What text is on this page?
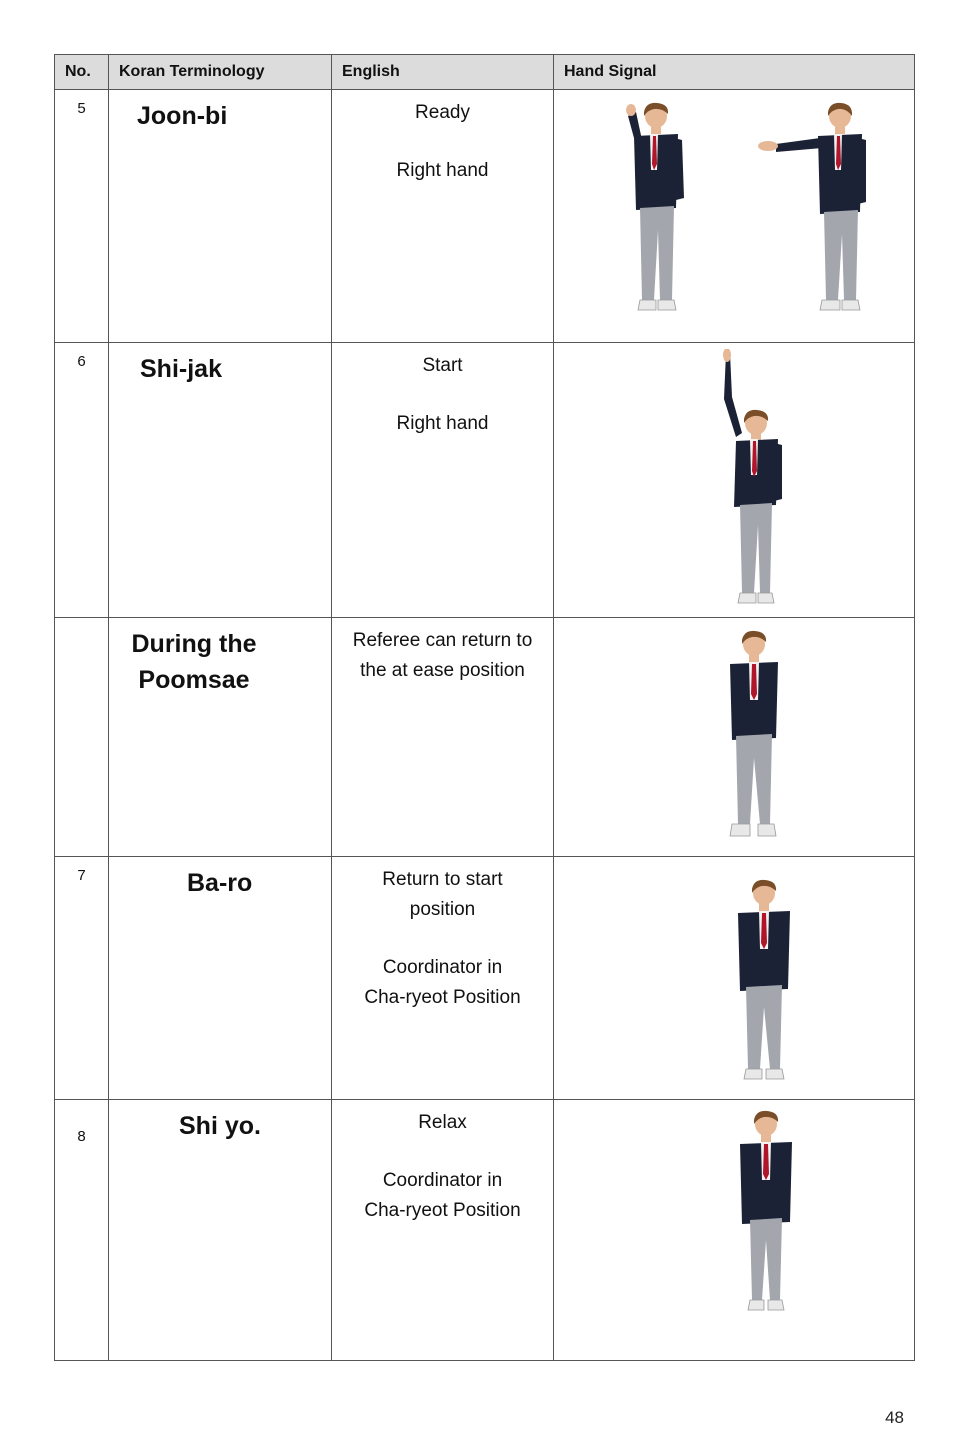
No.	Koran Terminology	English	Hand Signal
5	Joon-bi	Ready

Right hand

6	Shi-jak	Start

Right hand

	During the Poomsae	Referee can return to

the at ease position

7	Ba-ro	Return to start

position

Coordinator in

Cha-ryeot Position

8	Shi yo.	Relax

Coordinator in

Cha-ryeot Position

48
